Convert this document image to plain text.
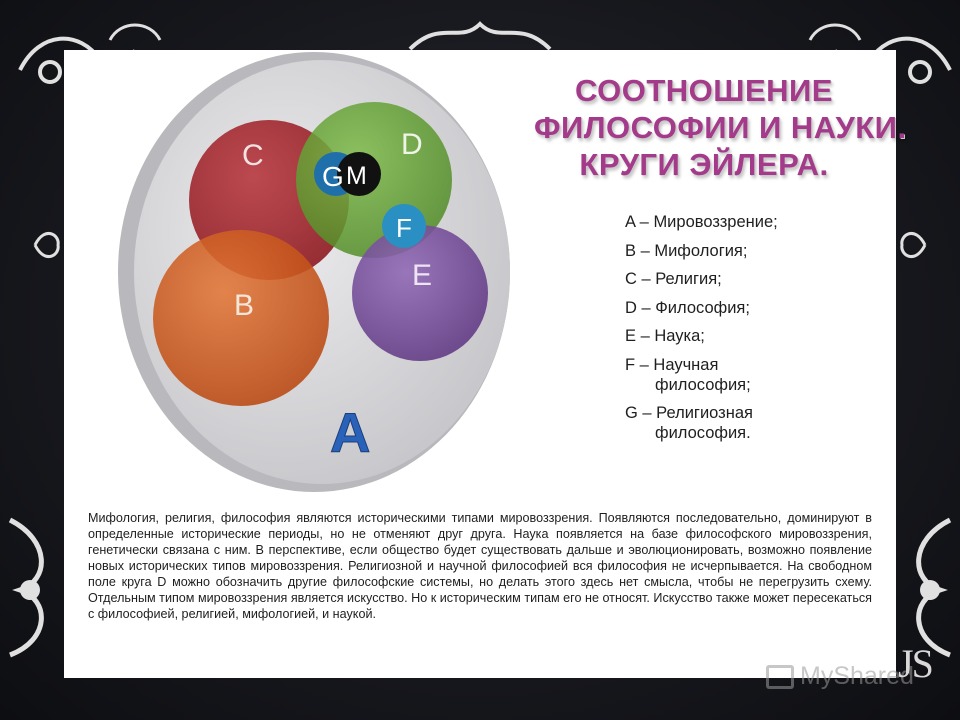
C	D
B
E
F
G M
A
СООТНОШЕНИЕ
ФИЛОСОФИИ И НАУКИ.
КРУГИ ЭЙЛЕРА.
A – Мировоззрение;
B – Мифология;
C – Религия;
D – Философия;
E – Наука;
F – Научная
философия;
G – Религиозная
философия.
Мифология, религия, философия являются историческими типами мировоззрения. Появляются последовательно, доминируют в определенные исторические периоды, но не отменяют друг друга. Наука появляется на базе философского мировоззрения, генетически связана с ним. В перспективе, если общество будет существовать дальше и эволюционировать, возможно появление новых исторических типов мировоззрения. Религиозной и научной философией вся философия не исчерпывается. На свободном поле круга D можно обозначить другие философские системы, но делать этого здесь нет смысла, чтобы не перегрузить схему. Отдельным типом мировоззрения является искусство. Но к историческим типам его не относят. Искусство также может пересекаться с философией, религией, мифологией, и наукой.
MyShared
JS
